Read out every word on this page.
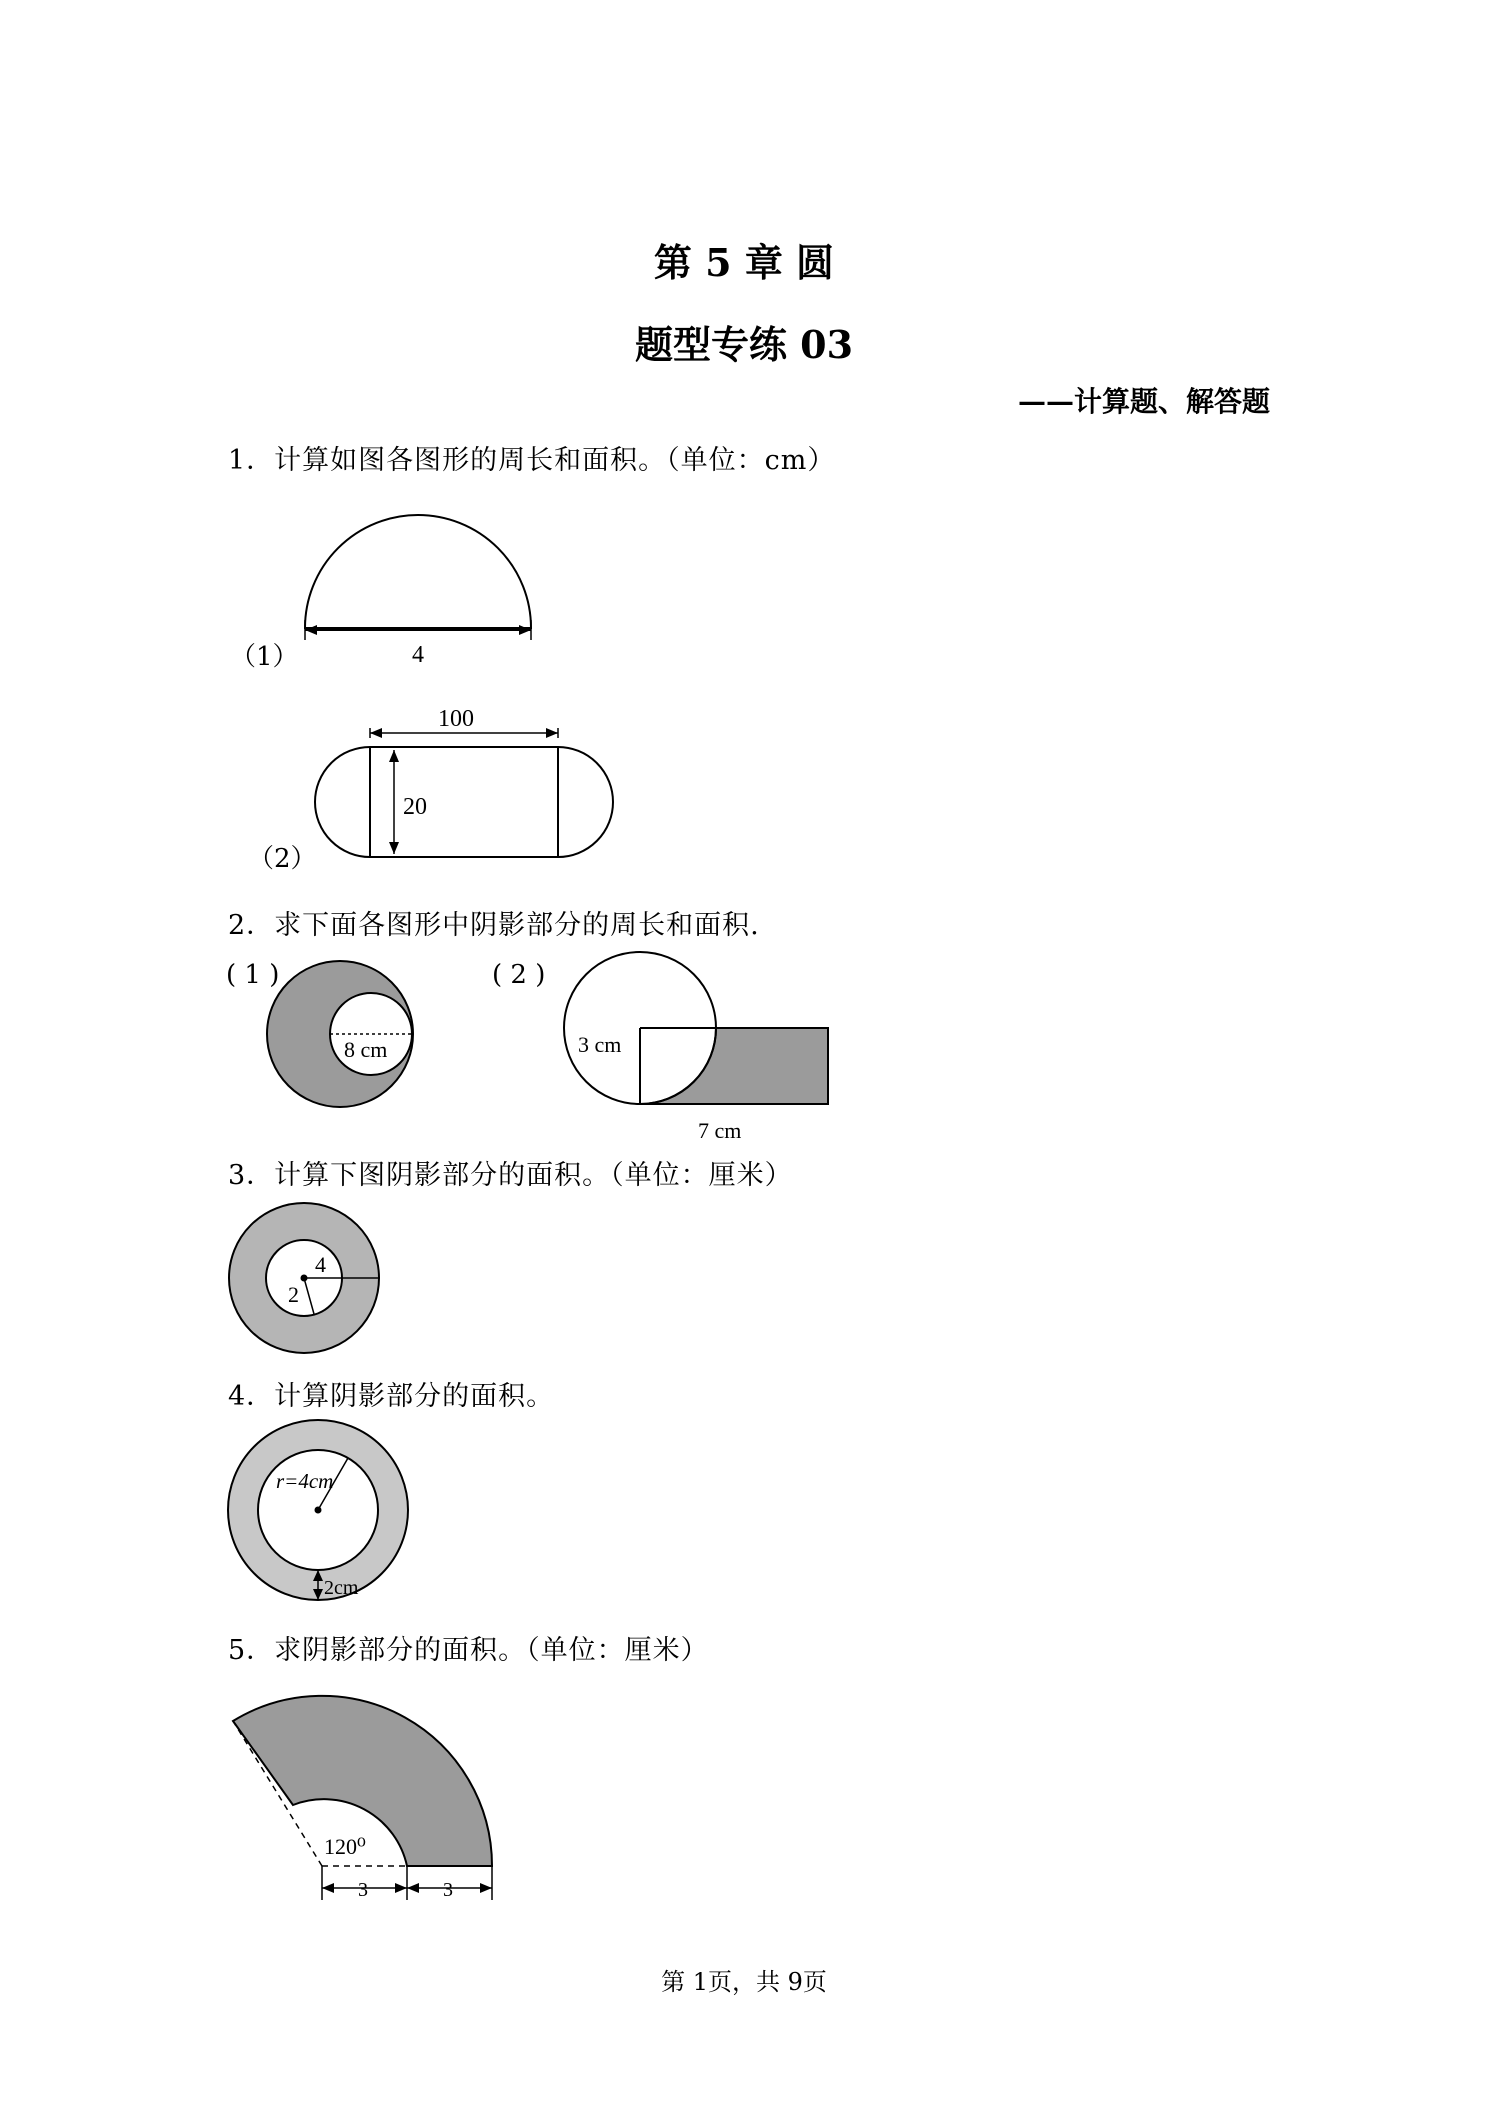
第 5 章 圆
题型专练 03
——计算题、解答题
1．计算如图各图形的周长和面积。（单位：cm）
（1）	4
（2）
100
20
2．求下面各图形中阴影部分的周长和面积.
( 1 )
8 cm
( 2 )
3 cm
7 cm
3．计算下图阴影部分的面积。（单位：厘米）
4
2
4．计算阴影部分的面积。
r=4cm
2cm
5．求阴影部分的面积。（单位：厘米）
120⁰
3	3
第 1页，共 9页
